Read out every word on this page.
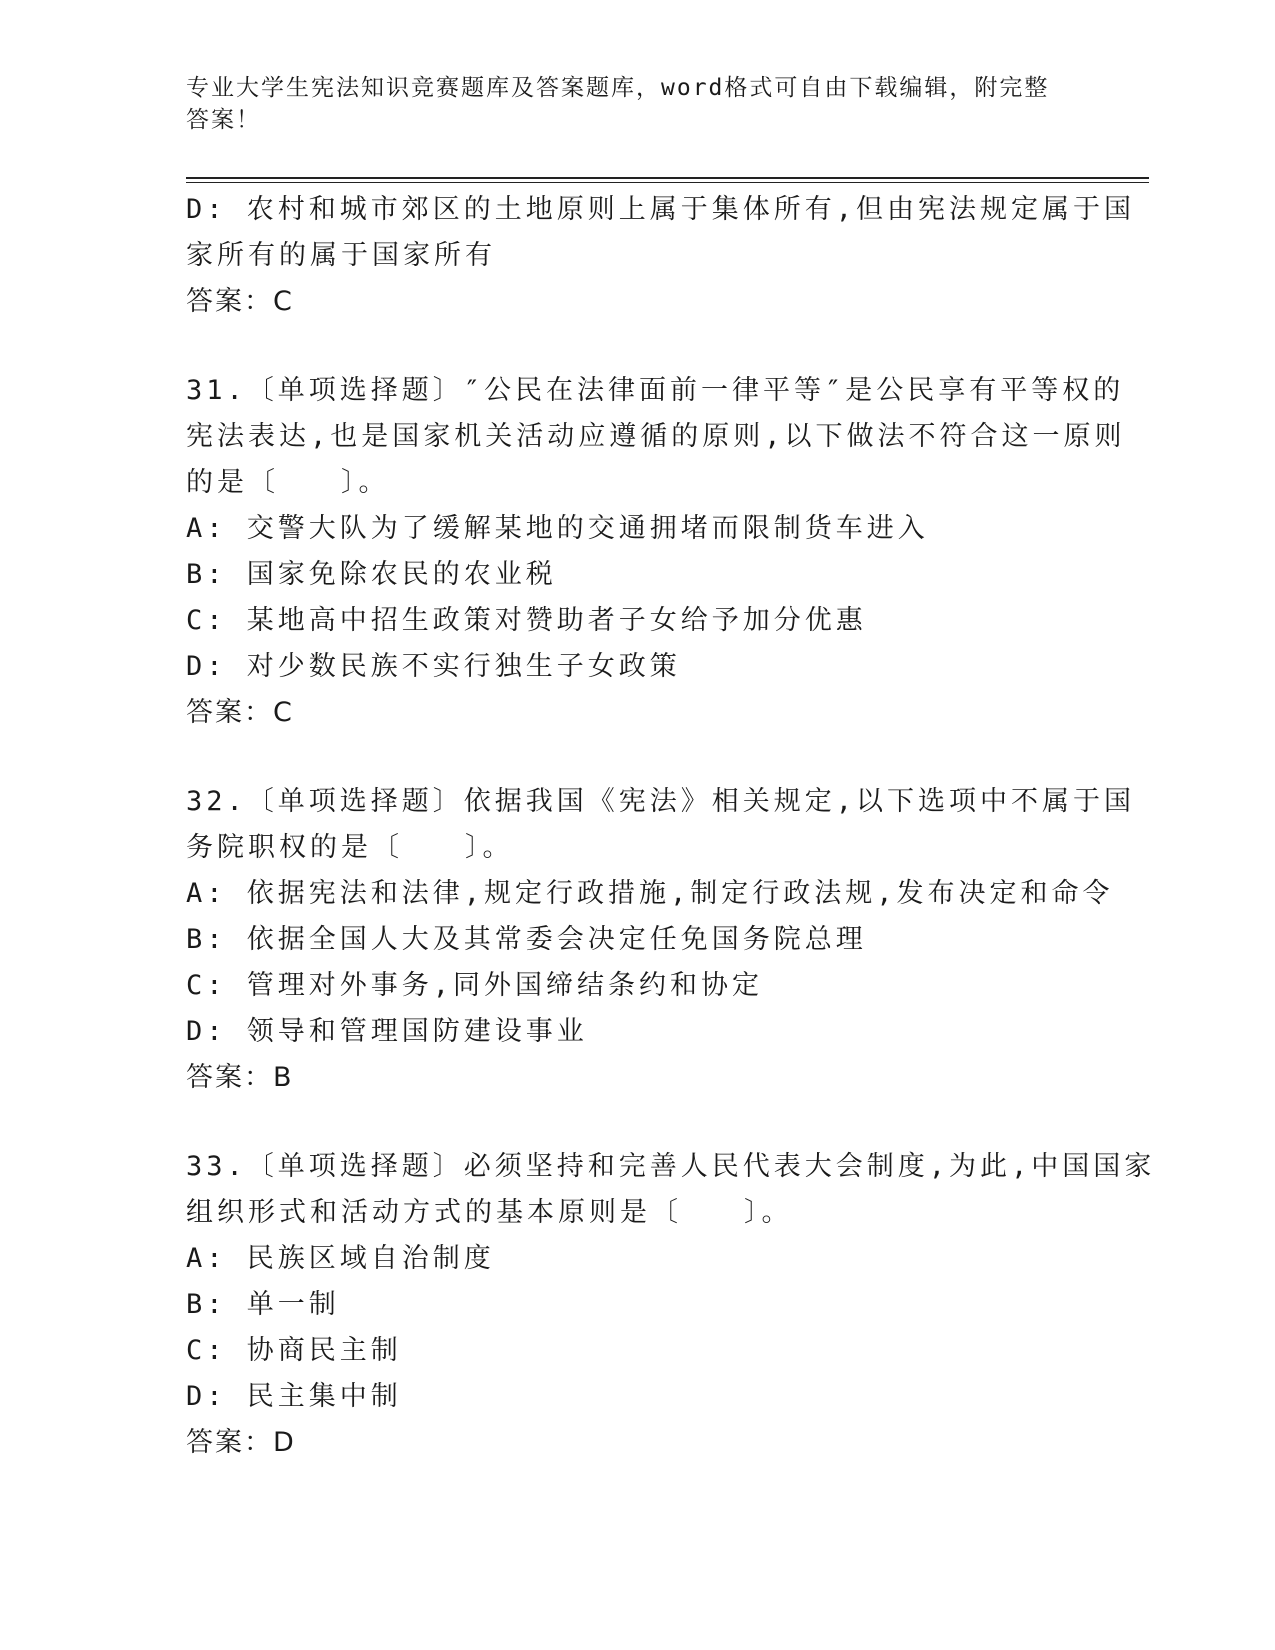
专业大学生宪法知识竞赛题库及答案题库，word格式可自由下载编辑，附完整答案！
D: 农村和城市郊区的土地原则上属于集体所有,但由宪法规定属于国
家所有的属于国家所有
答案：C
31.〔单项选择题〕″公民在法律面前一律平等″是公民享有平等权的
宪法表达,也是国家机关活动应遵循的原则,以下做法不符合这一原则
的是〔　　〕。
A: 交警大队为了缓解某地的交通拥堵而限制货车进入
B: 国家免除农民的农业税
C: 某地高中招生政策对赞助者子女给予加分优惠
D: 对少数民族不实行独生子女政策
答案：C
32.〔单项选择题〕依据我国《宪法》相关规定,以下选项中不属于国
务院职权的是〔　　〕。
A: 依据宪法和法律,规定行政措施,制定行政法规,发布决定和命令
B: 依据全国人大及其常委会决定任免国务院总理
C: 管理对外事务,同外国缔结条约和协定
D: 领导和管理国防建设事业
答案：B
33.〔单项选择题〕必须坚持和完善人民代表大会制度,为此,中国国家
组织形式和活动方式的基本原则是〔　　〕。
A: 民族区域自治制度
B: 单一制
C: 协商民主制
D: 民主集中制
答案：D
